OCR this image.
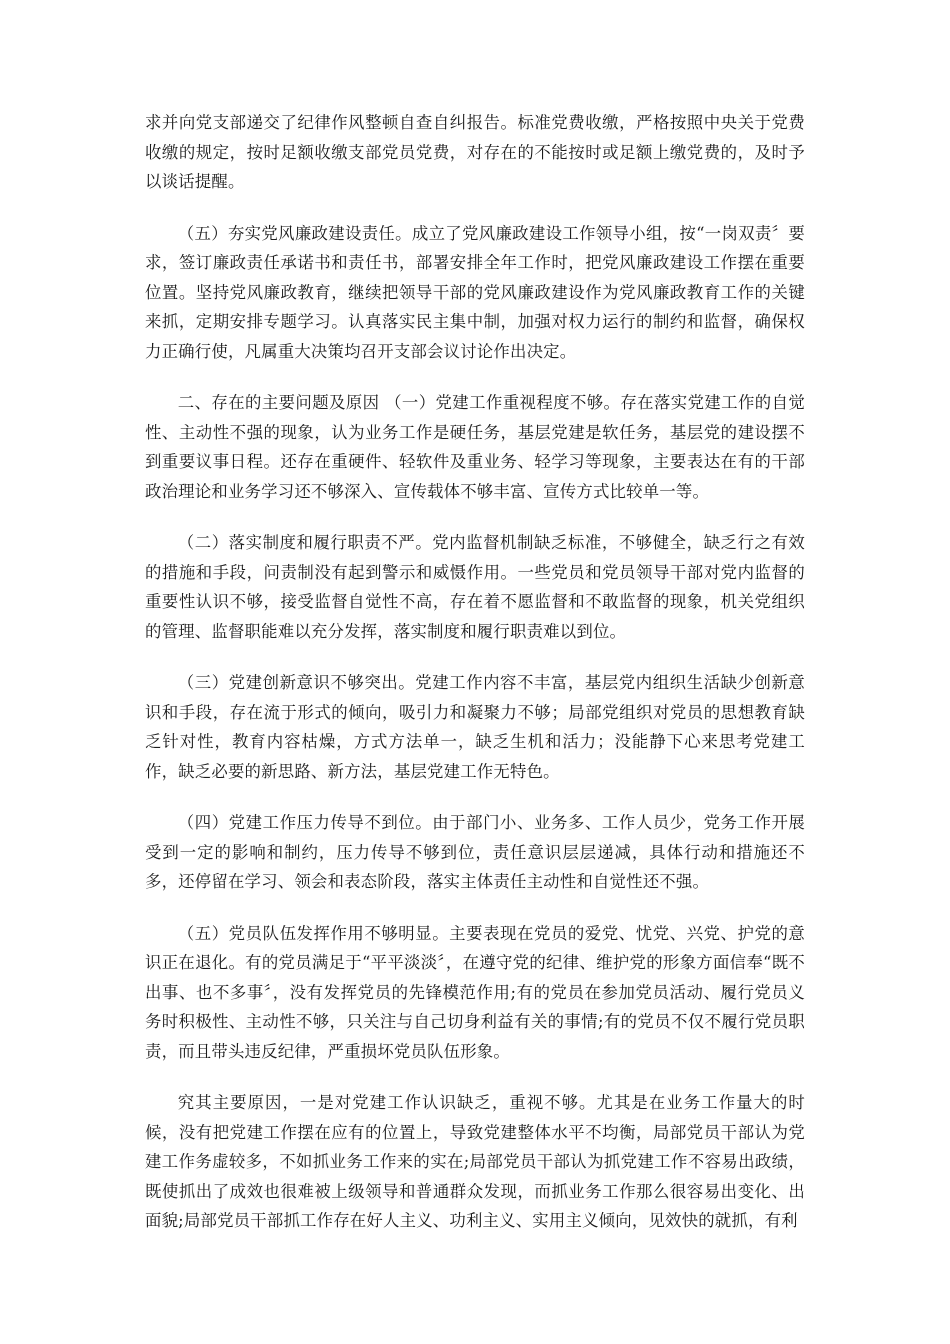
求并向党支部递交了纪律作风整顿自查自纠报告。标准党费收缴，严格按照中央关于党费收缴的规定，按时足额收缴支部党员党费，对存在的不能按时或足额上缴党费的，及时予以谈话提醒。

（五）夯实党风廉政建设责任。成立了党风廉政建设工作领导小组，按“一岗双责〞要求，签订廉政责任承诺书和责任书，部署安排全年工作时，把党风廉政建设工作摆在重要位置。坚持党风廉政教育，继续把领导干部的党风廉政建设作为党风廉政教育工作的关键来抓，定期安排专题学习。认真落实民主集中制，加强对权力运行的制约和监督，确保权力正确行使，凡属重大决策均召开支部会议讨论作出决定。

二、存在的主要问题及原因 （一）党建工作重视程度不够。存在落实党建工作的自觉性、主动性不强的现象，认为业务工作是硬任务，基层党建是软任务，基层党的建设摆不到重要议事日程。还存在重硬件、轻软件及重业务、轻学习等现象，主要表达在有的干部政治理论和业务学习还不够深入、宣传载体不够丰富、宣传方式比较单一等。

（二）落实制度和履行职责不严。党内监督机制缺乏标准，不够健全，缺乏行之有效的措施和手段，问责制没有起到警示和威慑作用。一些党员和党员领导干部对党内监督的重要性认识不够，接受监督自觉性不高，存在着不愿监督和不敢监督的现象，机关党组织的管理、监督职能难以充分发挥，落实制度和履行职责难以到位。

（三）党建创新意识不够突出。党建工作内容不丰富，基层党内组织生活缺少创新意识和手段，存在流于形式的倾向，吸引力和凝聚力不够；局部党组织对党员的思想教育缺乏针对性，教育内容枯燥，方式方法单一，缺乏生机和活力；没能静下心来思考党建工作，缺乏必要的新思路、新方法，基层党建工作无特色。

（四）党建工作压力传导不到位。由于部门小、业务多、工作人员少，党务工作开展受到一定的影响和制约，压力传导不够到位，责任意识层层递减，具体行动和措施还不多，还停留在学习、领会和表态阶段，落实主体责任主动性和自觉性还不强。

（五）党员队伍发挥作用不够明显。主要表现在党员的爱党、忧党、兴党、护党的意识正在退化。有的党员满足于“平平淡淡〞，在遵守党的纪律、维护党的形象方面信奉“既不出事、也不多事〞，没有发挥党员的先锋模范作用;有的党员在参加党员活动、履行党员义务时积极性、主动性不够，只关注与自己切身利益有关的事情;有的党员不仅不履行党员职责，而且带头违反纪律，严重损坏党员队伍形象。

究其主要原因，一是对党建工作认识缺乏，重视不够。尤其是在业务工作量大的时候，没有把党建工作摆在应有的位置上，导致党建整体水平不均衡，局部党员干部认为党建工作务虚较多，不如抓业务工作来的实在;局部党员干部认为抓党建工作不容易出政绩，既使抓出了成效也很难被上级领导和普通群众发现，而抓业务工作那么很容易出变化、出面貌;局部党员干部抓工作存在好人主义、功利主义、实用主义倾向，见效快的就抓，有利
